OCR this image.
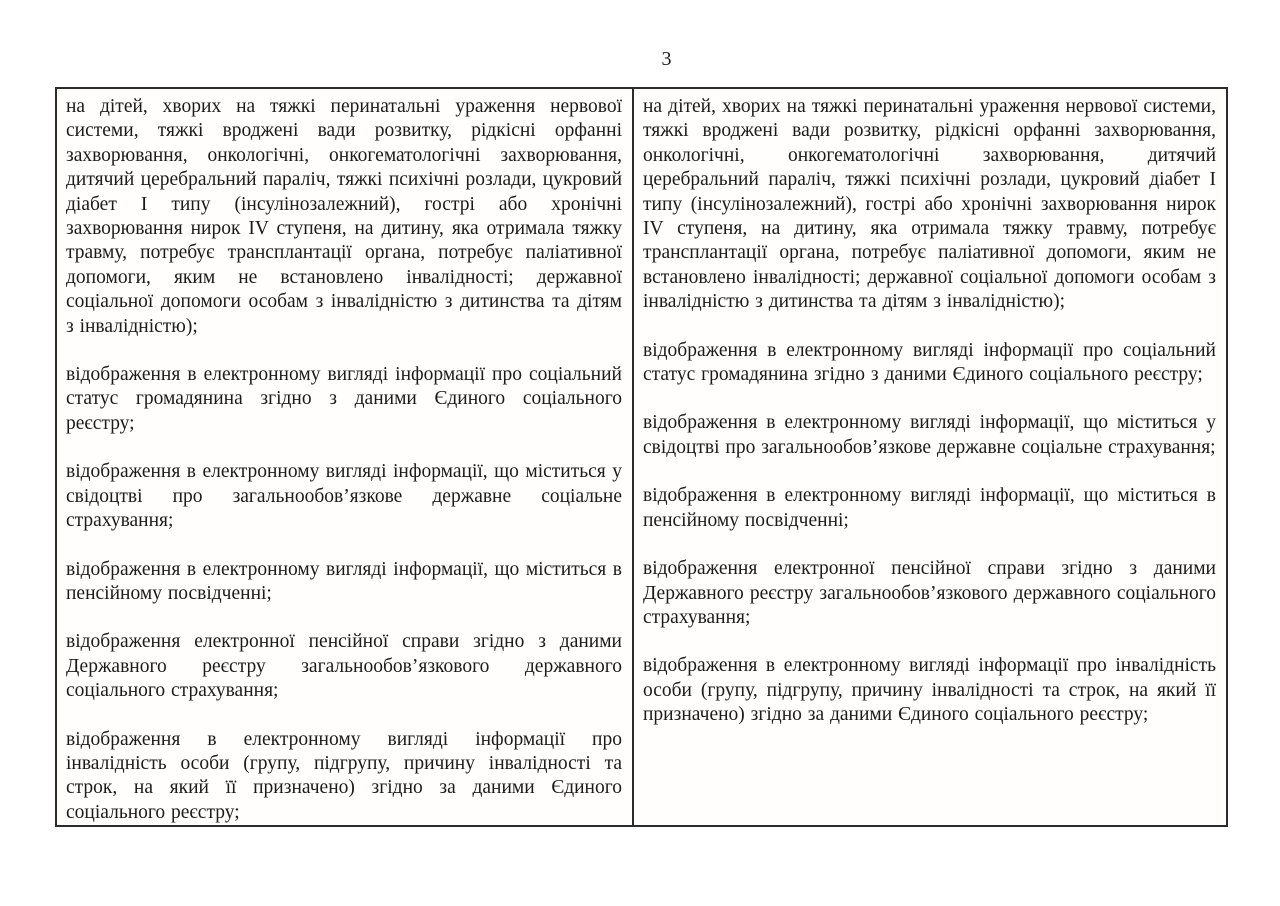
3

на дітей, хворих на тяжкі перинатальні ураження нервової системи, тяжкі вроджені вади розвитку, рідкісні орфанні захворювання, онкологічні, онкогематологічні захворювання, дитячий церебральний параліч, тяжкі психічні розлади, цукровий діабет I типу (інсулінозалежний), гострі або хронічні захворювання нирок IV ступеня, на дитину, яка отримала тяжку травму, потребує трансплантації органа, потребує паліативної допомоги, яким не встановлено інвалідності; державної соціальної допомоги особам з інвалідністю з дитинства та дітям з інвалідністю);

відображення в електронному вигляді інформації про соціальний статус громадянина згідно з даними Єдиного соціального реєстру;

відображення в електронному вигляді інформації, що міститься у свідоцтві про загальнообов’язкове державне соціальне страхування;

відображення в електронному вигляді інформації, що міститься в пенсійному посвідченні;

відображення електронної пенсійної справи згідно з даними Державного реєстру загальнообов’язкового державного соціального страхування;

відображення в електронному вигляді інформації про інвалідність особи (групу, підгрупу, причину інвалідності та строк, на який її призначено) згідно за даними Єдиного соціального реєстру;

на дітей, хворих на тяжкі перинатальні ураження нервової системи, тяжкі вроджені вади розвитку, рідкісні орфанні захворювання, онкологічні, онкогематологічні захворювання, дитячий церебральний параліч, тяжкі психічні розлади, цукровий діабет I типу (інсулінозалежний), гострі або хронічні захворювання нирок IV ступеня, на дитину, яка отримала тяжку травму, потребує трансплантації органа, потребує паліативної допомоги, яким не встановлено інвалідності; державної соціальної допомоги особам з інвалідністю з дитинства та дітям з інвалідністю);

відображення в електронному вигляді інформації про соціальний статус громадянина згідно з даними Єдиного соціального реєстру;

відображення в електронному вигляді інформації, що міститься у свідоцтві про загальнообов’язкове державне соціальне страхування;

відображення в електронному вигляді інформації, що міститься в пенсійному посвідченні;

відображення електронної пенсійної справи згідно з даними Державного реєстру загальнообов’язкового державного соціального страхування;

відображення в електронному вигляді інформації про інвалідність особи (групу, підгрупу, причину інвалідності та строк, на який її призначено) згідно за даними Єдиного соціального реєстру;
